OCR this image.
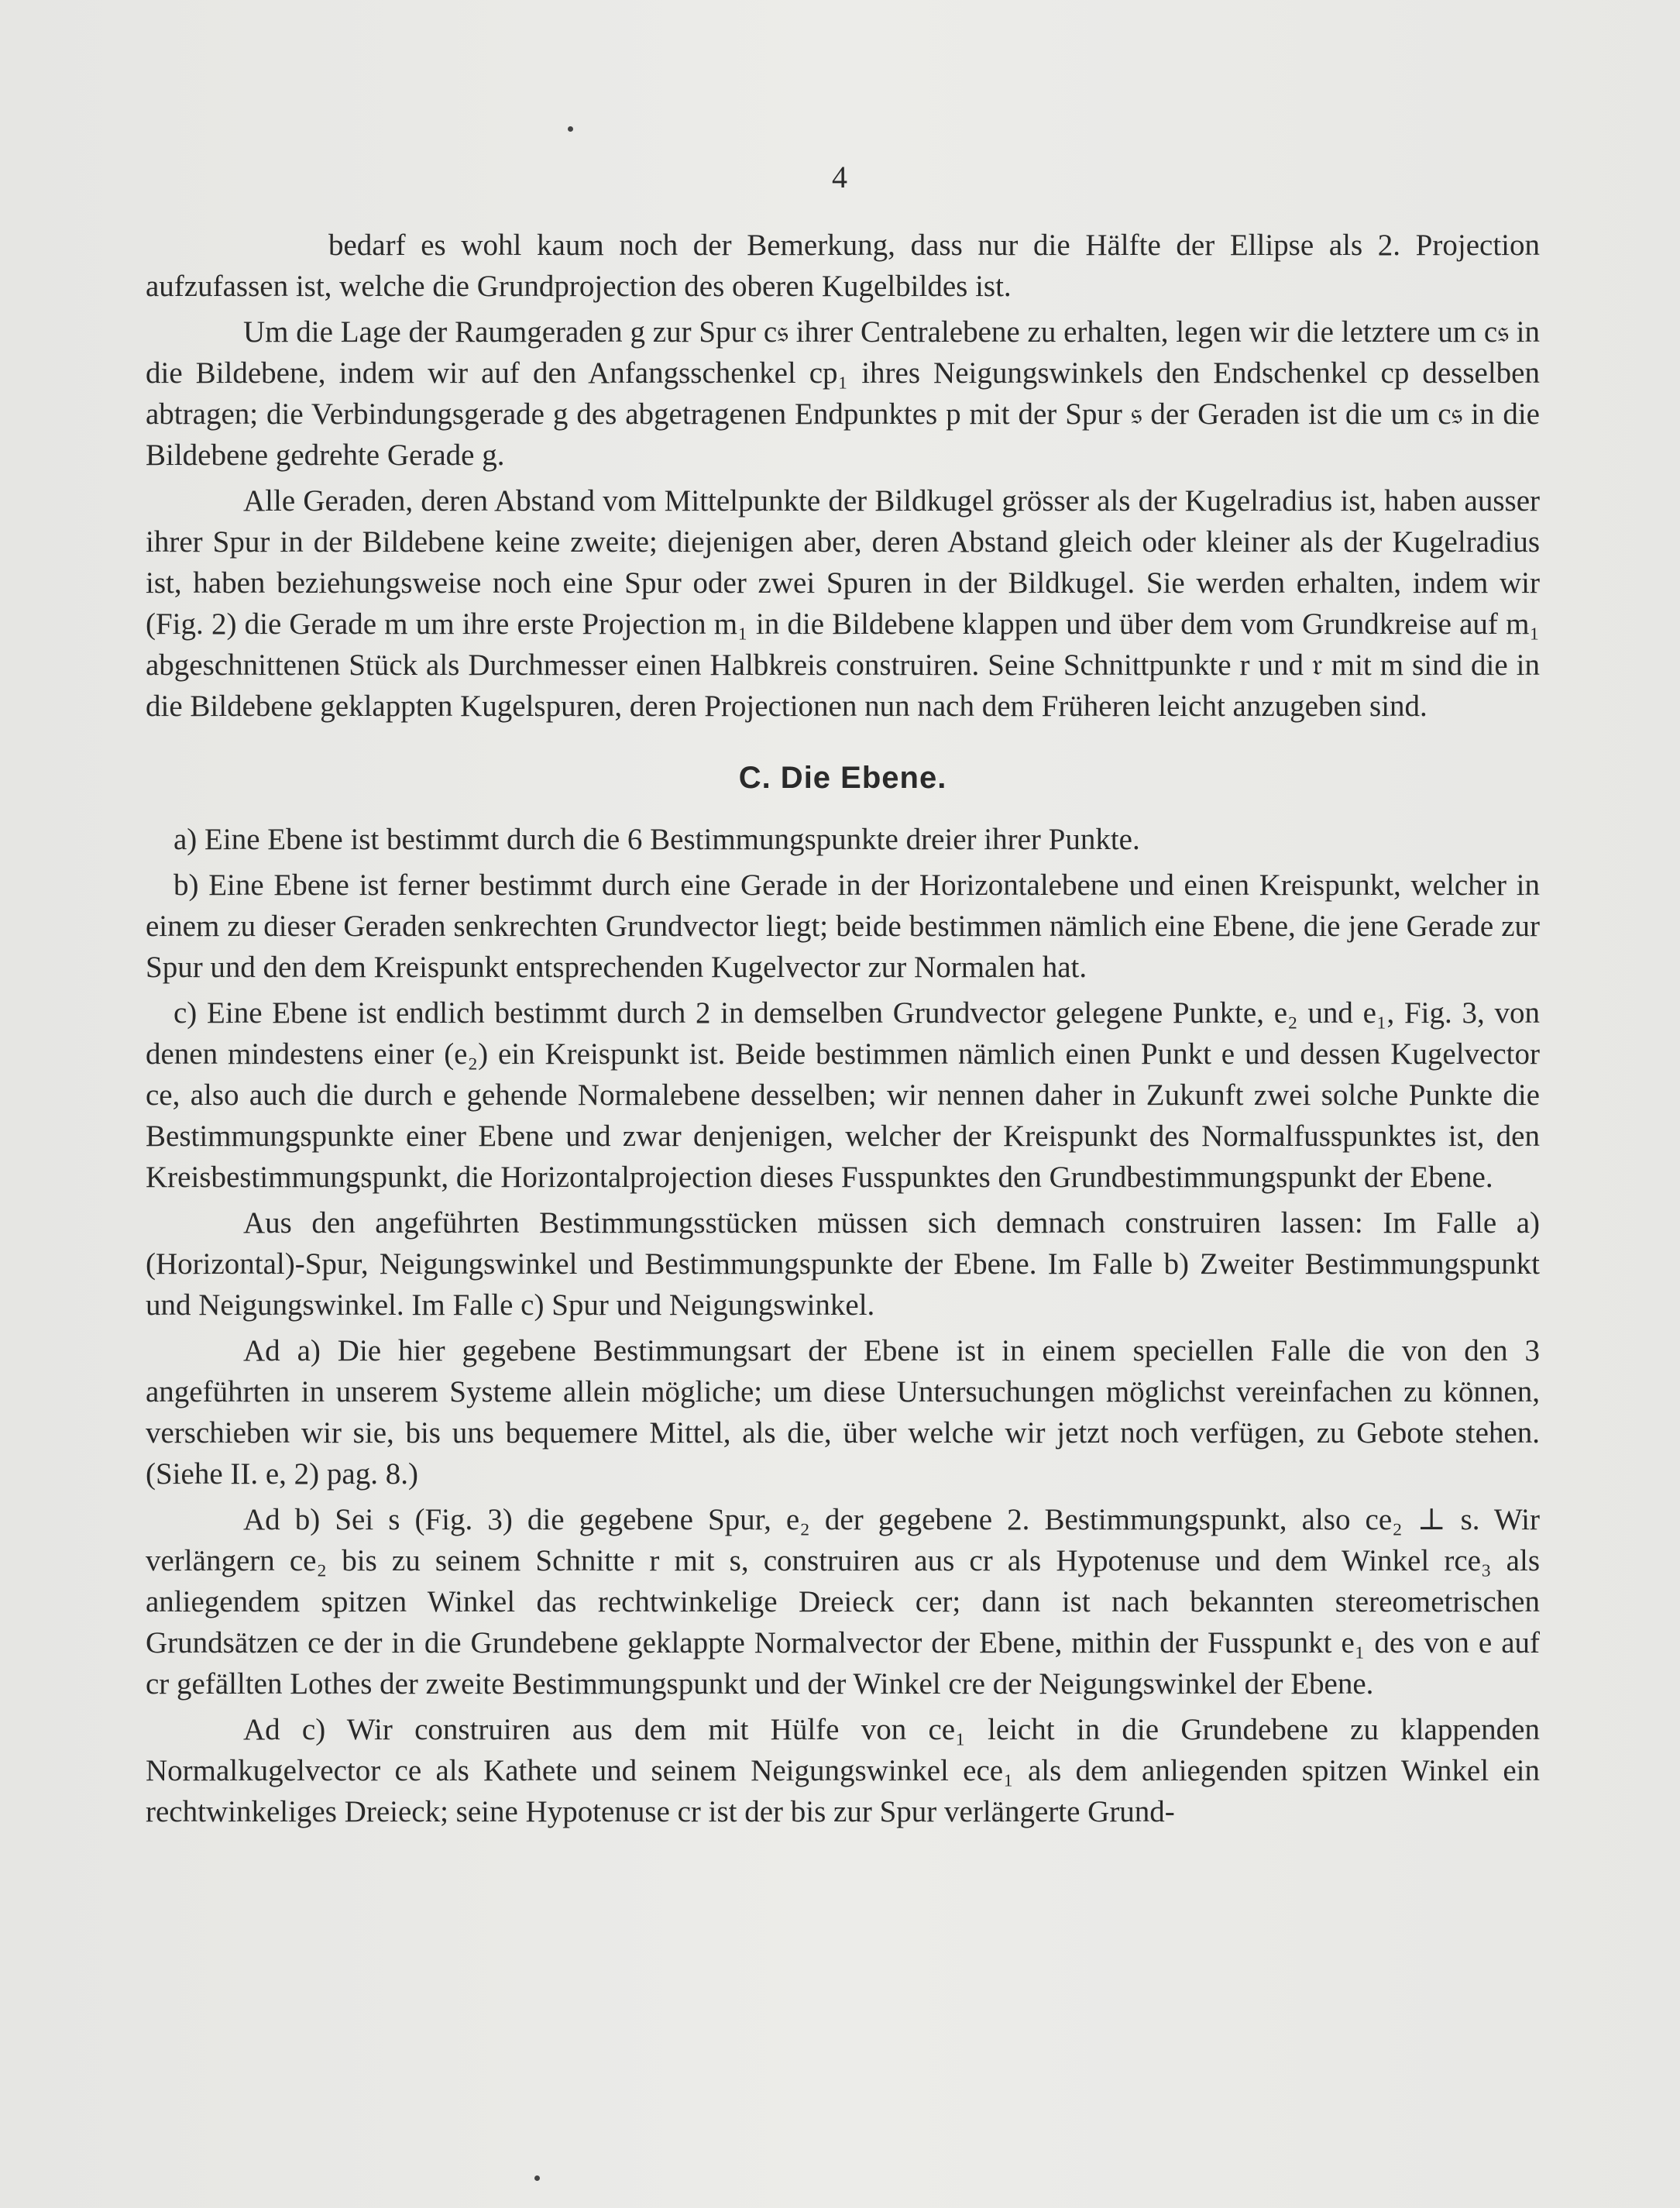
4

bedarf es wohl kaum noch der Bemerkung, dass nur die Hälfte der Ellipse als 2. Projection aufzufassen ist, welche die Grundprojection des oberen Kugelbildes ist.

Um die Lage der Raumgeraden g zur Spur c𝔰 ihrer Centralebene zu erhalten, legen wir die letztere um c𝔰 in die Bildebene, indem wir auf den Anfangsschenkel cp₁ ihres Neigungswinkels den Endschenkel cp desselben abtragen; die Verbindungsgerade g des abgetragenen Endpunktes p mit der Spur 𝔰 der Geraden ist die um c𝔰 in die Bildebene gedrehte Gerade g.

Alle Geraden, deren Abstand vom Mittelpunkte der Bildkugel grösser als der Kugelradius ist, haben ausser ihrer Spur in der Bildebene keine zweite; diejenigen aber, deren Abstand gleich oder kleiner als der Kugelradius ist, haben beziehungsweise noch eine Spur oder zwei Spuren in der Bildkugel. Sie werden erhalten, indem wir (Fig. 2) die Gerade m um ihre erste Projection m₁ in die Bildebene klappen und über dem vom Grundkreise auf m₁ abgeschnittenen Stück als Durchmesser einen Halbkreis construiren. Seine Schnittpunkte r und 𝔯 mit m sind die in die Bildebene geklappten Kugelspuren, deren Projectionen nun nach dem Früheren leicht anzugeben sind.

C. Die Ebene.

a) Eine Ebene ist bestimmt durch die 6 Bestimmungspunkte dreier ihrer Punkte.

b) Eine Ebene ist ferner bestimmt durch eine Gerade in der Horizontalebene und einen Kreispunkt, welcher in einem zu dieser Geraden senkrechten Grundvector liegt; beide bestimmen nämlich eine Ebene, die jene Gerade zur Spur und den dem Kreispunkt entsprechenden Kugelvector zur Normalen hat.

c) Eine Ebene ist endlich bestimmt durch 2 in demselben Grundvector gelegene Punkte, e₂ und e₁, Fig. 3, von denen mindestens einer (e₂) ein Kreispunkt ist. Beide bestimmen nämlich einen Punkt e und dessen Kugelvector ce, also auch die durch e gehende Normalebene desselben; wir nennen daher in Zukunft zwei solche Punkte die Bestimmungspunkte einer Ebene und zwar denjenigen, welcher der Kreispunkt des Normalfusspunktes ist, den Kreisbestimmungspunkt, die Horizontalprojection dieses Fusspunktes den Grundbestimmungspunkt der Ebene.

Aus den angeführten Bestimmungsstücken müssen sich demnach construiren lassen: Im Falle a) (Horizontal)-Spur, Neigungswinkel und Bestimmungspunkte der Ebene. Im Falle b) Zweiter Bestimmungspunkt und Neigungswinkel. Im Falle c) Spur und Neigungswinkel.

Ad a) Die hier gegebene Bestimmungsart der Ebene ist in einem speciellen Falle die von den 3 angeführten in unserem Systeme allein mögliche; um diese Untersuchungen möglichst vereinfachen zu können, verschieben wir sie, bis uns bequemere Mittel, als die, über welche wir jetzt noch verfügen, zu Gebote stehen. (Siehe II. e, 2) pag. 8.)

Ad b) Sei s (Fig. 3) die gegebene Spur, e₂ der gegebene 2. Bestimmungspunkt, also ce₂ ⊥ s. Wir verlängern ce₂ bis zu seinem Schnitte r mit s, construiren aus cr als Hypotenuse und dem Winkel rce₃ als anliegendem spitzen Winkel das rechtwinkelige Dreieck cer; dann ist nach bekannten stereometrischen Grundsätzen ce der in die Grundebene geklappte Normalvector der Ebene, mithin der Fusspunkt e₁ des von e auf cr gefällten Lothes der zweite Bestimmungspunkt und der Winkel cre der Neigungswinkel der Ebene.

Ad c) Wir construiren aus dem mit Hülfe von ce₁ leicht in die Grundebene zu klappenden Normalkugelvector ce als Kathete und seinem Neigungswinkel ece₁ als dem anliegenden spitzen Winkel ein rechtwinkeliges Dreieck; seine Hypotenuse cr ist der bis zur Spur verlängerte Grund-
